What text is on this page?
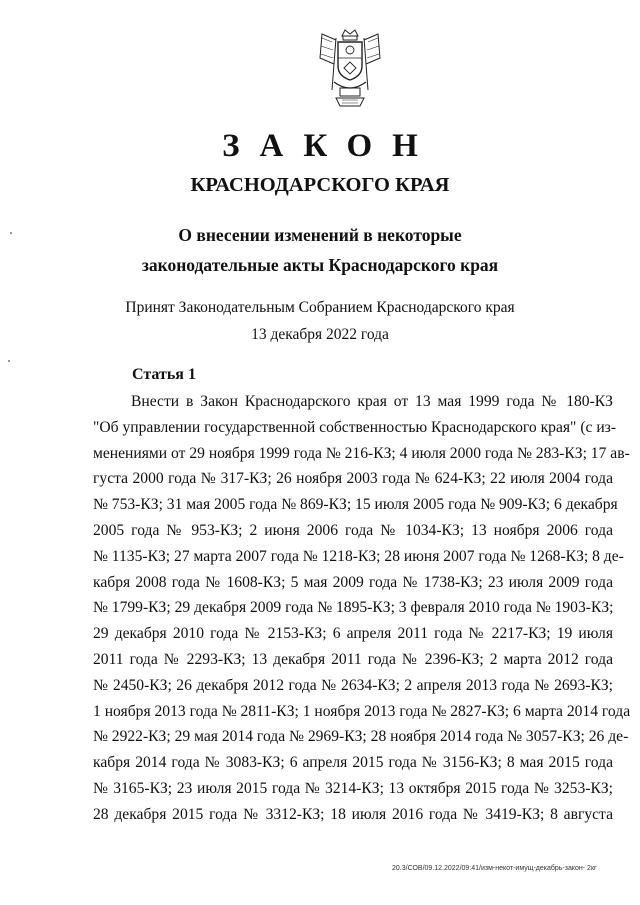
ЗАКОН
КРАСНОДАРСКОГО КРАЯ
О внесении изменений в некоторые
законодательные акты Краснодарского края
Принят Законодательным Собранием Краснодарского края
13 декабря 2022 года
Статья 1
Внести в Закон Краснодарского края от 13 мая 1999 года № 180-КЗ
"Об управлении государственной собственностью Краснодарского края" (с из-
менениями от 29 ноября 1999 года № 216-КЗ; 4 июля 2000 года № 283-КЗ; 17 ав-
густа 2000 года № 317-КЗ; 26 ноября 2003 года № 624-КЗ; 22 июля 2004 года
№ 753-КЗ; 31 мая 2005 года № 869-КЗ; 15 июля 2005 года № 909-КЗ; 6 декабря
2005 года № 953-КЗ; 2 июня 2006 года № 1034-КЗ; 13 ноября 2006 года
№ 1135-КЗ; 27 марта 2007 года № 1218-КЗ; 28 июня 2007 года № 1268-КЗ; 8 де-
кабря 2008 года № 1608-КЗ; 5 мая 2009 года № 1738-КЗ; 23 июля 2009 года
№ 1799-КЗ; 29 декабря 2009 года № 1895-КЗ; 3 февраля 2010 года № 1903-КЗ;
29 декабря 2010 года № 2153-КЗ; 6 апреля 2011 года № 2217-КЗ; 19 июля
2011 года № 2293-КЗ; 13 декабря 2011 года № 2396-КЗ; 2 марта 2012 года
№ 2450-КЗ; 26 декабря 2012 года № 2634-КЗ; 2 апреля 2013 года № 2693-КЗ;
1 ноября 2013 года № 2811-КЗ; 1 ноября 2013 года № 2827-КЗ; 6 марта 2014 года
№ 2922-КЗ; 29 мая 2014 года № 2969-КЗ; 28 ноября 2014 года № 3057-КЗ; 26 де-
кабря 2014 года № 3083-КЗ; 6 апреля 2015 года № 3156-КЗ; 8 мая 2015 года
№ 3165-КЗ; 23 июля 2015 года № 3214-КЗ; 13 октября 2015 года № 3253-КЗ;
28 декабря 2015 года № 3312-КЗ; 18 июля 2016 года № 3419-КЗ; 8 августа
20.3/СОВ/09.12.2022/09:41/изм-некот-имущ-декабрь-закон- 2кг
